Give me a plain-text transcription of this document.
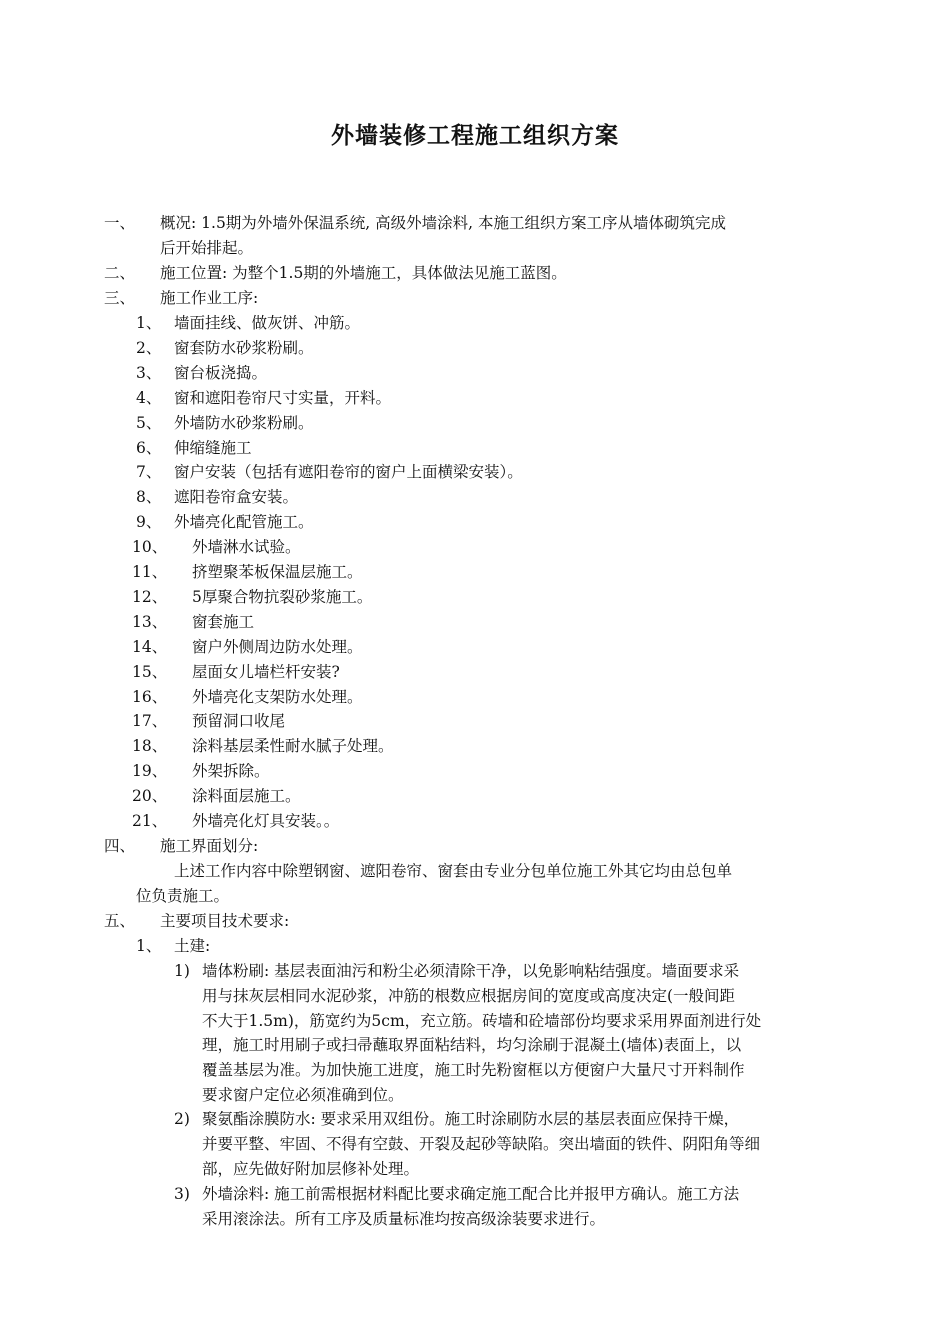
外墙装修工程施工组织方案
一、 概况: 1.5期为外墙外保温系统, 高级外墙涂料, 本施工组织方案工序从墙体砌筑完成
后开始排起。
二、 施工位置: 为整个1.5期的外墙施工，具体做法见施工蓝图。
三、 施工作业工序:
1、 墙面挂线、做灰饼、冲筋。
2、 窗套防水砂浆粉刷。
3、 窗台板浇捣。
4、 窗和遮阳卷帘尺寸实量，开料。
5、 外墙防水砂浆粉刷。
6、 伸缩缝施工
7、 窗户安装（包括有遮阳卷帘的窗户上面横梁安装）。
8、 遮阳卷帘盒安装。
9、 外墙亮化配管施工。
10、 外墙淋水试验。
11、 挤塑聚苯板保温层施工。
12、 5厚聚合物抗裂砂浆施工。
13、 窗套施工
14、 窗户外侧周边防水处理。
15、 屋面女儿墙栏杆安装?
16、 外墙亮化支架防水处理。
17、 预留洞口收尾
18、 涂料基层柔性耐水腻子处理。
19、 外架拆除。
20、 涂料面层施工。
21、 外墙亮化灯具安装。。
四、 施工界面划分:
上述工作内容中除塑钢窗、遮阳卷帘、窗套由专业分包单位施工外其它均由总包单
位负责施工。
五、 主要项目技术要求:
1、 土建:
1) 墙体粉刷: 基层表面油污和粉尘必须清除干净，以免影响粘结强度。墙面要求采
用与抹灰层相同水泥砂浆，冲筋的根数应根据房间的宽度或高度决定(一般间距
不大于1.5m)，筋宽约为5cm，充立筋。砖墙和砼墙部份均要求采用界面剂进行处
理，施工时用刷子或扫帚蘸取界面粘结料，均匀涂刷于混凝土(墙体)表面上，以
覆盖基层为准。为加快施工进度，施工时先粉窗框以方便窗户大量尺寸开料制作
要求窗户定位必须准确到位。
2) 聚氨酯涂膜防水: 要求采用双组份。施工时涂刷防水层的基层表面应保持干燥，
并要平整、牢固、不得有空鼓、开裂及起砂等缺陷。突出墙面的铁件、阴阳角等细
部，应先做好附加层修补处理。
3) 外墙涂料: 施工前需根据材料配比要求确定施工配合比并报甲方确认。施工方法
采用滚涂法。所有工序及质量标准均按高级涂装要求进行。
